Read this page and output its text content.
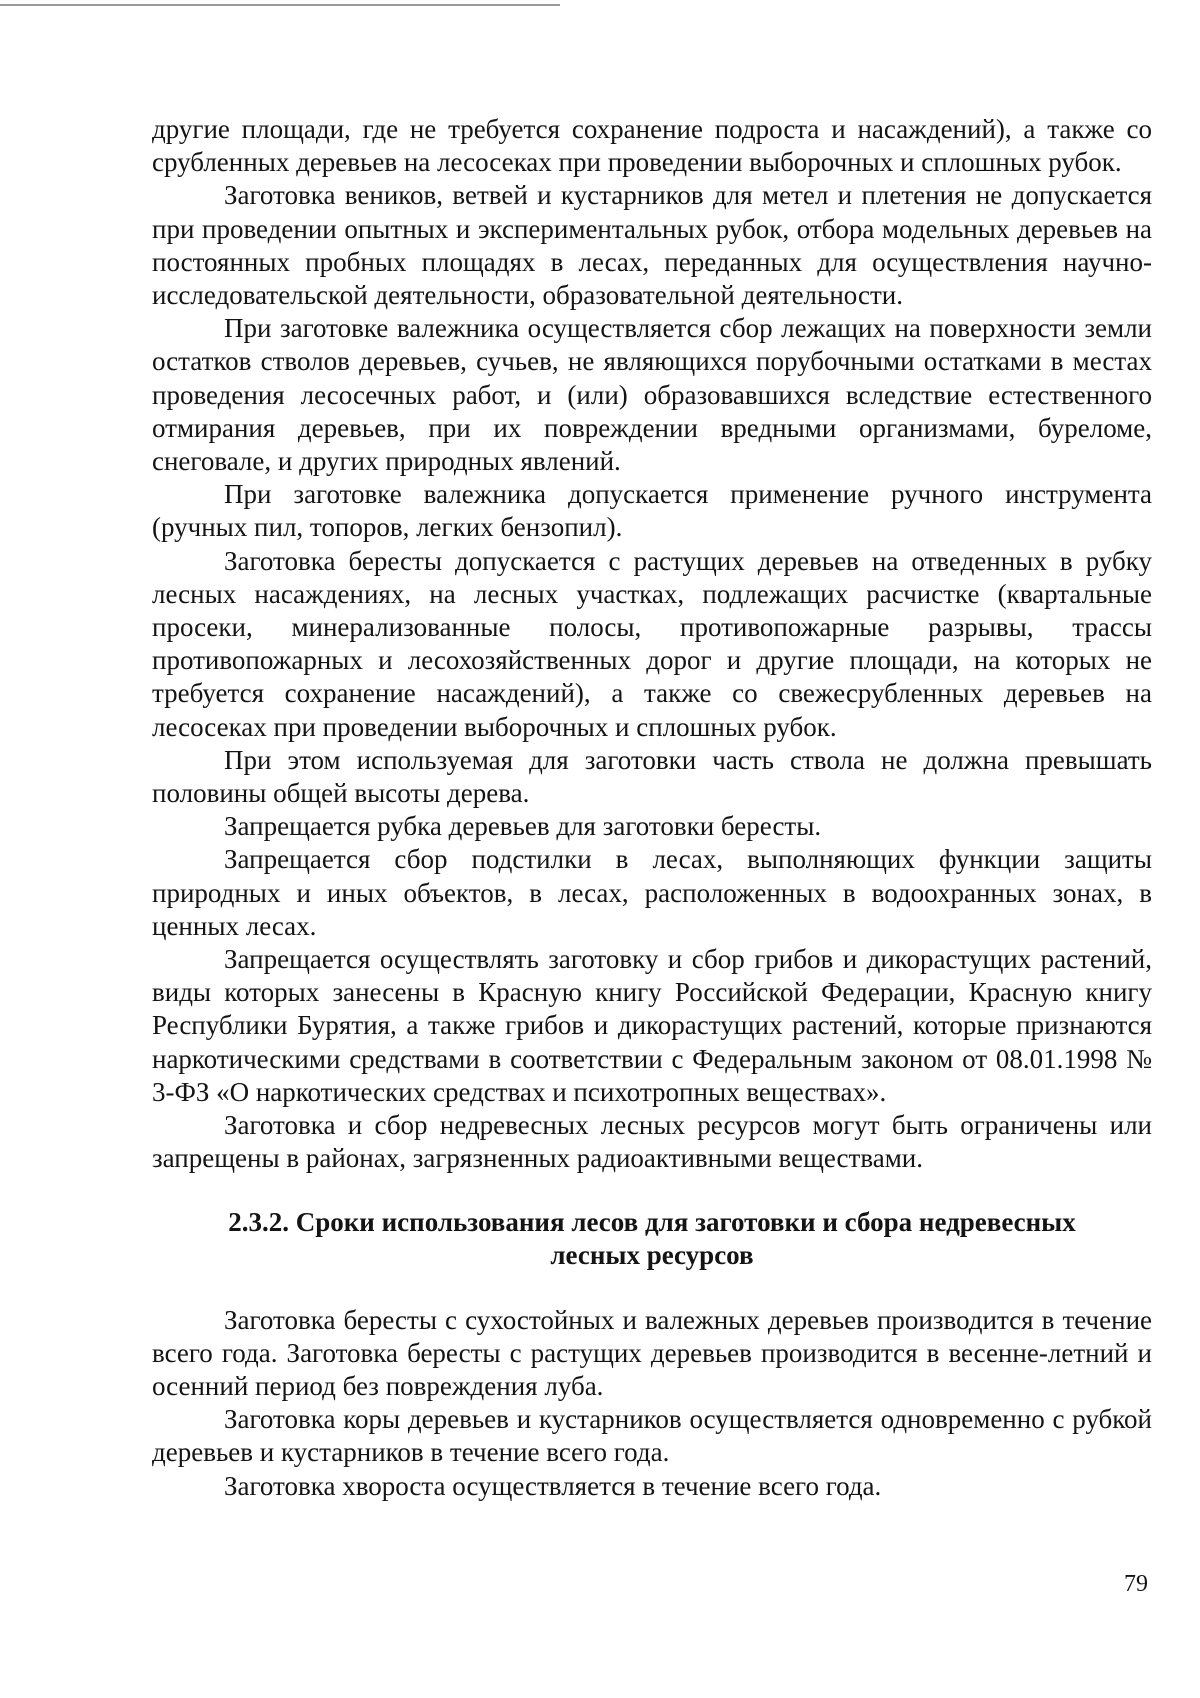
другие площади, где не требуется сохранение подроста и насаждений), а также со срубленных деревьев на лесосеках при проведении выборочных и сплошных рубок.

Заготовка веников, ветвей и кустарников для метел и плетения не допускается при проведении опытных и экспериментальных рубок, отбора модельных деревьев на постоянных пробных площадях в лесах, переданных для осуществления научно-исследовательской деятельности, образовательной деятельности.

При заготовке валежника осуществляется сбор лежащих на поверхности земли остатков стволов деревьев, сучьев, не являющихся порубочными остатками в местах проведения лесосечных работ, и (или) образовавшихся вследствие естественного отмирания деревьев, при их повреждении вредными организмами, буреломе, снеговале, и других природных явлений.

При заготовке валежника допускается применение ручного инструмента (ручных пил, топоров, легких бензопил).

Заготовка бересты допускается с растущих деревьев на отведенных в рубку лесных насаждениях, на лесных участках, подлежащих расчистке (квартальные просеки, минерализованные полосы, противопожарные разрывы, трассы противопожарных и лесохозяйственных дорог и другие площади, на которых не требуется сохранение насаждений), а также со свежесрубленных деревьев на лесосеках при проведении выборочных и сплошных рубок.

При этом используемая для заготовки часть ствола не должна превышать половины общей высоты дерева.

Запрещается рубка деревьев для заготовки бересты.

Запрещается сбор подстилки в лесах, выполняющих функции защиты природных и иных объектов, в лесах, расположенных в водоохранных зонах, в ценных лесах.

Запрещается осуществлять заготовку и сбор грибов и дикорастущих растений, виды которых занесены в Красную книгу Российской Федерации, Красную книгу Республики Бурятия, а также грибов и дикорастущих растений, которые признаются наркотическими средствами в соответствии с Федеральным законом от 08.01.1998 № 3-ФЗ «О наркотических средствах и психотропных веществах».

Заготовка и сбор недревесных лесных ресурсов могут быть ограничены или запрещены в районах, загрязненных радиоактивными веществами.

2.3.2. Сроки использования лесов для заготовки и сбора недревесных
лесных ресурсов

Заготовка бересты с сухостойных и валежных деревьев производится в течение всего года. Заготовка бересты с растущих деревьев производится в весенне-летний и осенний период без повреждения луба.

Заготовка коры деревьев и кустарников осуществляется одновременно с рубкой деревьев и кустарников в течение всего года.

Заготовка хвороста осуществляется в течение всего года.

79
